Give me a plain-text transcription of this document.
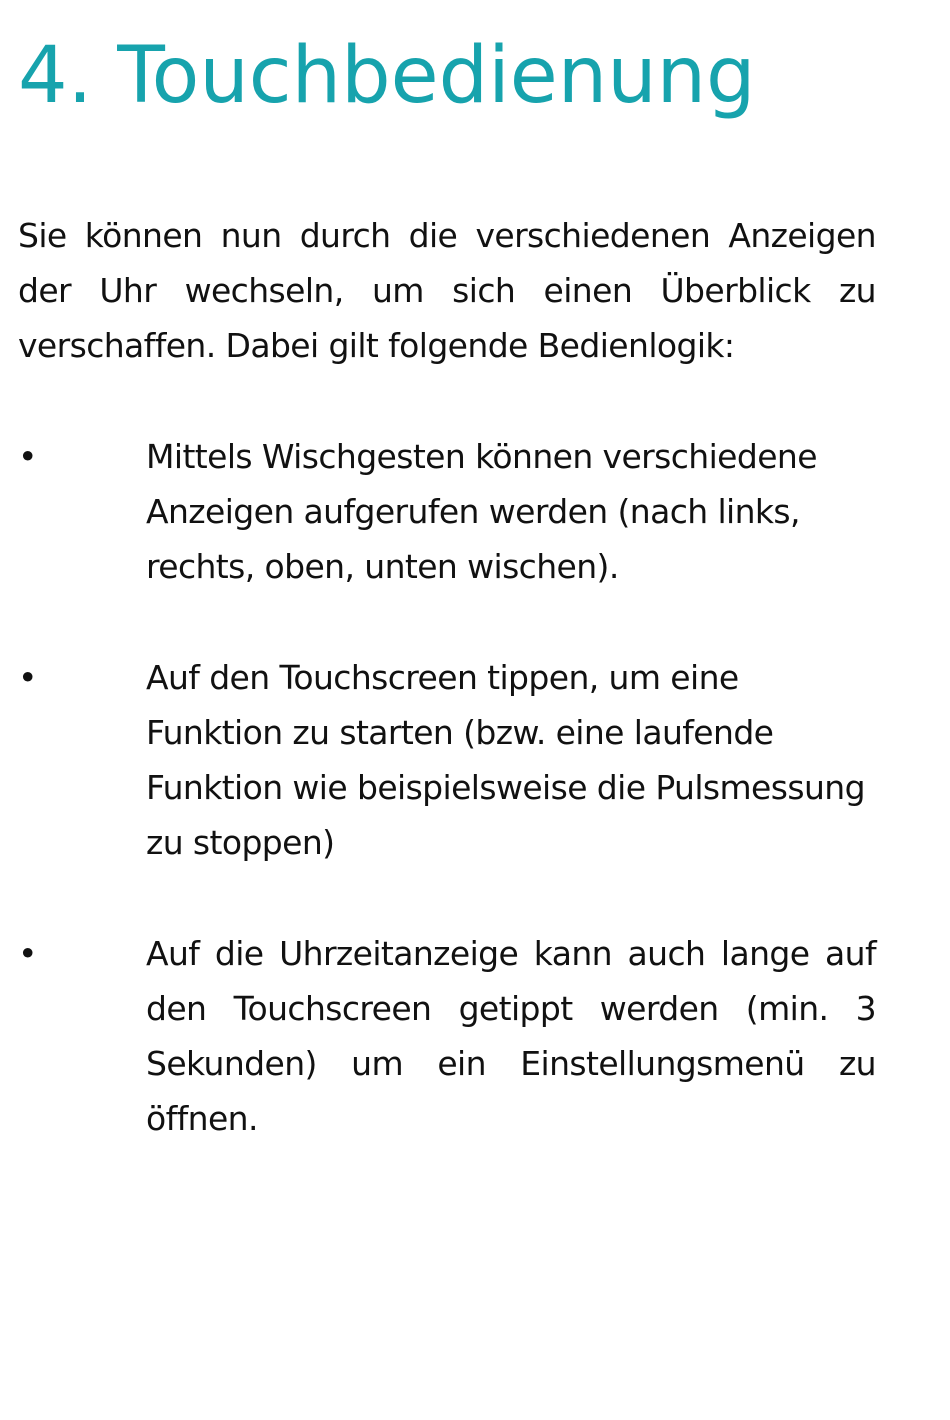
4. Touchbedienung

Sie können nun durch die verschiedenen Anzeigen der Uhr wechseln, um sich einen Überblick zu verschaffen. Dabei gilt folgende Bedienlogik:

•	Mittels Wischgesten können verschiedene Anzeigen aufgerufen werden (nach links, rechts, oben, unten wischen).
•	Auf den Touchscreen tippen, um eine Funktion zu starten (bzw. eine laufende Funktion wie beispielsweise die Pulsmessung zu stoppen)
•	Auf die Uhrzeitanzeige kann auch lange auf den Touchscreen getippt werden (min. 3 Sekunden) um ein Einstellungsmenü zu öffnen.
